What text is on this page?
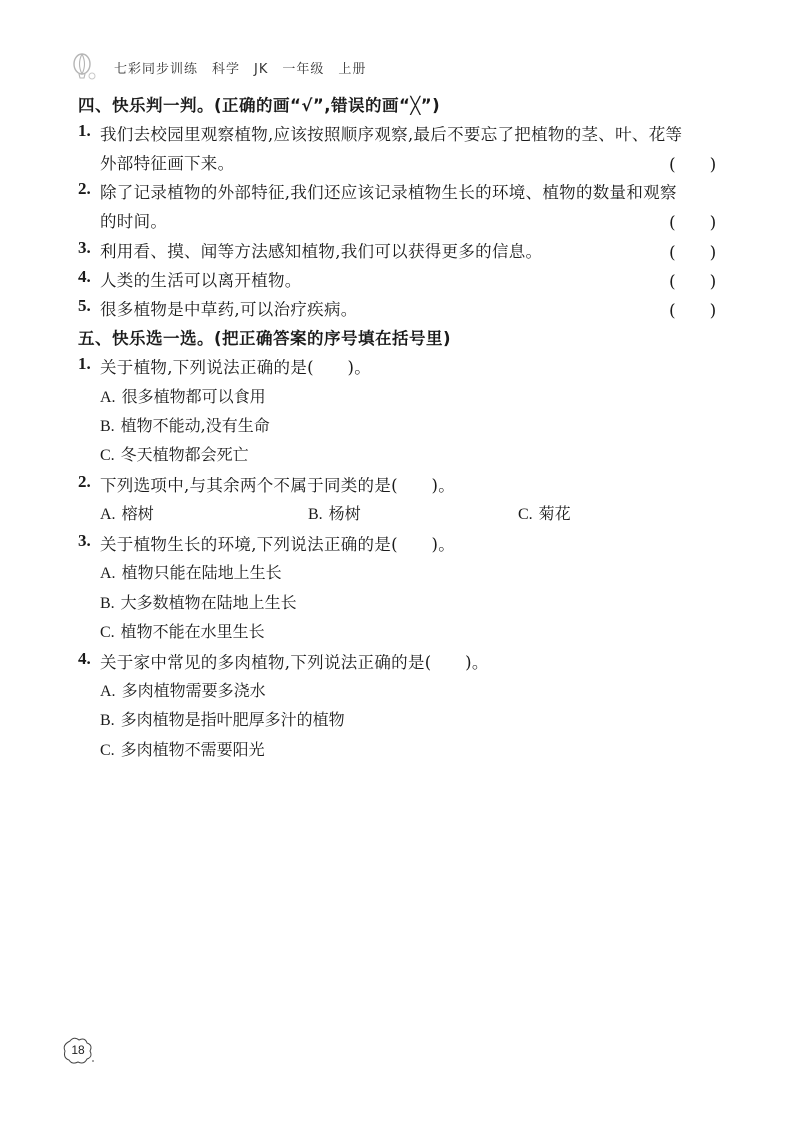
七彩同步训练　科学　JK　一年级　上册
四、快乐判一判。(正确的画“√”,错误的画“╳”)
1. 我们去校园里观察植物,应该按照顺序观察,最后不要忘了把植物的茎、叶、花等
外部特征画下来。	(　　)
2. 除了记录植物的外部特征,我们还应该记录植物生长的环境、植物的数量和观察
的时间。	(　　)
3. 利用看、摸、闻等方法感知植物,我们可以获得更多的信息。	(　　)
4. 人类的生活可以离开植物。	(　　)
5. 很多植物是中草药,可以治疗疾病。	(　　)
五、快乐选一选。(把正确答案的序号填在括号里)
1. 关于植物,下列说法正确的是(　　)。
A. 很多植物都可以食用
B. 植物不能动,没有生命
C. 冬天植物都会死亡
2. 下列选项中,与其余两个不属于同类的是(　　)。
A. 榕树	B. 杨树	C. 菊花
3. 关于植物生长的环境,下列说法正确的是(　　)。
A. 植物只能在陆地上生长
B. 大多数植物在陆地上生长
C. 植物不能在水里生长
4. 关于家中常见的多肉植物,下列说法正确的是(　　)。
A. 多肉植物需要多浇水
B. 多肉植物是指叶肥厚多汁的植物
C. 多肉植物不需要阳光
18
